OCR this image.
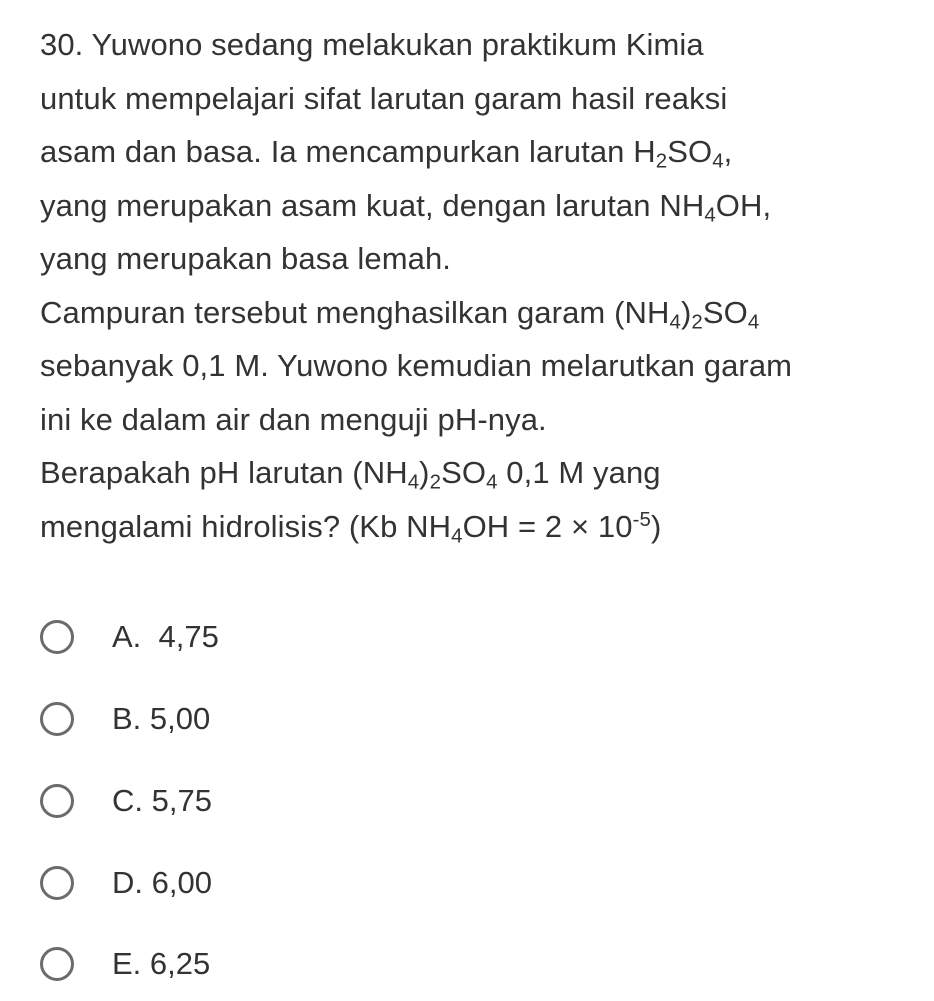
30. Yuwono sedang melakukan praktikum Kimia
untuk mempelajari sifat larutan garam hasil reaksi
asam dan basa. Ia mencampurkan larutan $H_2SO_4$,
yang merupakan asam kuat, dengan larutan $NH_4OH$,
yang merupakan basa lemah.
Campuran tersebut menghasilkan garam $(NH_4)_2SO_4$
sebanyak 0,1 M. Yuwono kemudian melarutkan garam
ini ke dalam air dan menguji pH-nya.
Berapakah pH larutan $(NH_4)_2SO_4$ 0,1 M yang
mengalami hidrolisis? (Kb $NH_4OH = 2 \times 10^{-5}$)
A.  4,75
B. 5,00
C. 5,75
D. 6,00
E. 6,25
